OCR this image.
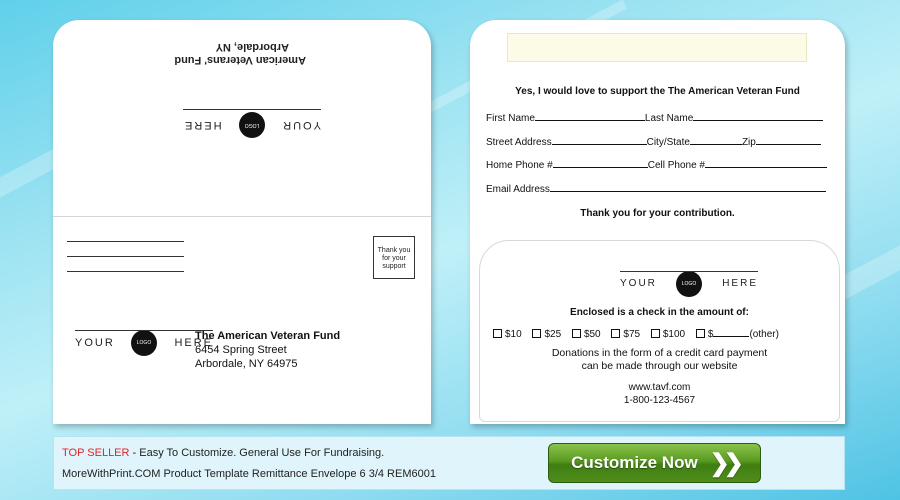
YOUR
LOGO
HERE
American Veterans' Fund
Arbordale, NY
Thank you for your support
YOUR	LOGO	HERE
The American Veteran Fund
6454 Spring Street
Arbordale, NY 64975
Yes, I would love to support the The American Veteran Fund
First Name	Last Name
Street Address	City/State	Zip
Home Phone #	Cell Phone #
Email Address
Thank you for your contribution.
YOUR	LOGO	HERE
Enclosed is a check in the amount of:
$10 $25 $50 $75 $100 $	(other)
Donations in the form of a credit card payment
can be made through our website
www.tavf.com
1-800-123-4567
TOP SELLER - Easy To Customize. General Use For Fundraising.
MoreWithPrint.COM Product Template Remittance Envelope 6 3/4 REM6001
Customize Now ❯❯
